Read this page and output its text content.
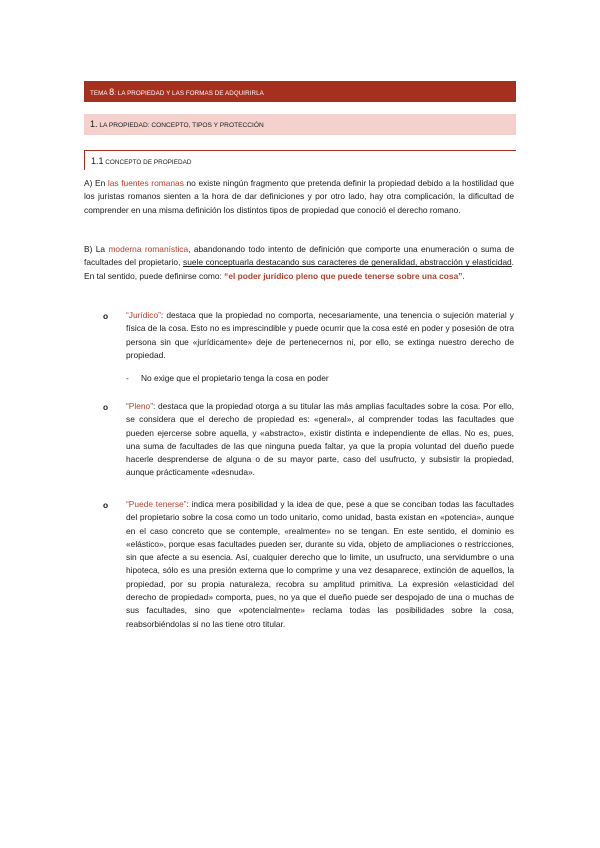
TEMA 8: LA PROPIEDAD Y LAS FORMAS DE ADQUIRIRLA
1. LA PROPIEDAD: CONCEPTO, TIPOS Y PROTECCIÓN
1.1 CONCEPTO DE PROPIEDAD

A) En las fuentes romanas no existe ningún fragmento que pretenda definir la propiedad debido a la hostilidad que los juristas romanos sienten a la hora de dar definiciones y por otro lado, hay otra complicación, la dificultad de comprender en una misma definición los distintos tipos de propiedad que conoció el derecho romano.

B) La moderna romanística, abandonando todo intento de definición que comporte una enumeración o suma de facultades del propietario, suele conceptuarla destacando sus caracteres de generalidad, abstracción y elasticidad. En tal sentido, puede definirse como: “el poder jurídico pleno que puede tenerse sobre una cosa”.

o “Jurídico”: destaca que la propiedad no comporta, necesariamente, una tenencia o sujeción material y física de la cosa. Esto no es imprescindible y puede ocurrir que la cosa esté en poder y posesión de otra persona sin que «jurídicamente» deje de pertenecernos ni, por ello, se extinga nuestro derecho de propiedad.

- No exige que el propietario tenga la cosa en poder
o “Pleno”: destaca que la propiedad otorga a su titular las más amplias facultades sobre la cosa. Por ello, se considera que el derecho de propiedad es: «general», al comprender todas las facultades que pueden ejercerse sobre aquella, y «abstracto», existir distinta e independiente de ellas. No es, pues, una suma de facultades de las que ninguna pueda faltar, ya que la propia voluntad del dueño puede hacerle desprenderse de alguna o de su mayor parte, caso del usufructo, y subsistir la propiedad, aunque prácticamente «desnuda».

o “Puede tenerse”: indica mera posibilidad y la idea de que, pese a que se conciban todas las facultades del propietario sobre la cosa como un todo unitario, como unidad, basta existan en «potencia», aunque en el caso concreto que se contemple, «realmente» no se tengan. En este sentido, el dominio es «elástico», porque esas facultades pueden ser, durante su vida, objeto de ampliaciones o restricciones, sin que afecte a su esencia. Así, cualquier derecho que lo limite, un usufructo, una servidumbre o una hipoteca, sólo es una presión externa que lo comprime y una vez desaparece, extinción de aquellos, la propiedad, por su propia naturaleza, recobra su amplitud primitiva. La expresión «elasticidad del derecho de propiedad» comporta, pues, no ya que el dueño puede ser despojado de una o muchas de sus facultades, sino que «potencialmente» reclama todas las posibilidades sobre la cosa, reabsorbiéndolas si no las tiene otro titular.
